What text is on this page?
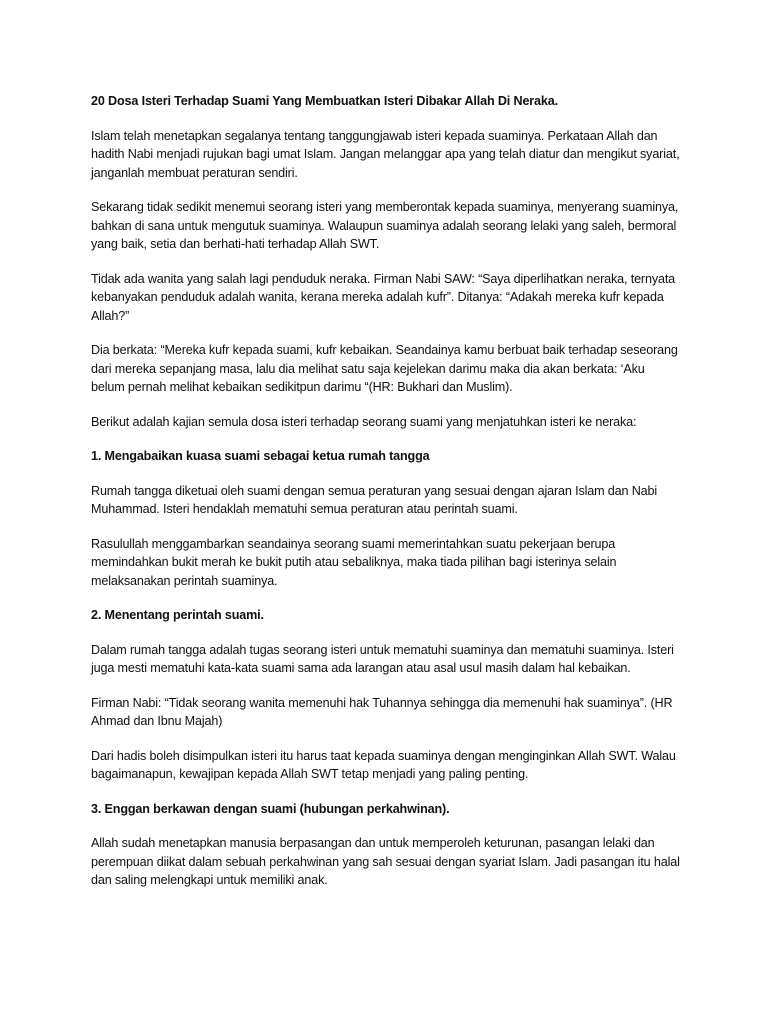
20 Dosa Isteri Terhadap Suami Yang Membuatkan Isteri Dibakar Allah Di Neraka.

Islam telah menetapkan segalanya tentang tanggungjawab isteri kepada suaminya. Perkataan Allah dan hadith Nabi menjadi rujukan bagi umat Islam. Jangan melanggar apa yang telah diatur dan mengikut syariat, janganlah membuat peraturan sendiri.

Sekarang tidak sedikit menemui seorang isteri yang memberontak kepada suaminya, menyerang suaminya, bahkan di sana untuk mengutuk suaminya. Walaupun suaminya adalah seorang lelaki yang saleh, bermoral yang baik, setia dan berhati-hati terhadap Allah SWT.

Tidak ada wanita yang salah lagi penduduk neraka. Firman Nabi SAW: “Saya diperlihatkan neraka, ternyata kebanyakan penduduk adalah wanita, kerana mereka adalah kufr”. Ditanya: “Adakah mereka kufr kepada Allah?”

Dia berkata: “Mereka kufr kepada suami, kufr kebaikan. Seandainya kamu berbuat baik terhadap seseorang dari mereka sepanjang masa, lalu dia melihat satu saja kejelekan darimu maka dia akan berkata: ‘Aku belum pernah melihat kebaikan sedikitpun darimu “(HR: Bukhari dan Muslim).

Berikut adalah kajian semula dosa isteri terhadap seorang suami yang menjatuhkan isteri ke neraka:

1. Mengabaikan kuasa suami sebagai ketua rumah tangga

Rumah tangga diketuai oleh suami dengan semua peraturan yang sesuai dengan ajaran Islam dan Nabi Muhammad. Isteri hendaklah mematuhi semua peraturan atau perintah suami.

Rasulullah menggambarkan seandainya seorang suami memerintahkan suatu pekerjaan berupa memindahkan bukit merah ke bukit putih atau sebaliknya, maka tiada pilihan bagi isterinya selain melaksanakan perintah suaminya.

2. Menentang perintah suami.

Dalam rumah tangga adalah tugas seorang isteri untuk mematuhi suaminya dan mematuhi suaminya. Isteri juga mesti mematuhi kata-kata suami sama ada larangan atau asal usul masih dalam hal kebaikan.

Firman Nabi: “Tidak seorang wanita memenuhi hak Tuhannya sehingga dia memenuhi hak suaminya”. (HR Ahmad dan Ibnu Majah)

Dari hadis boleh disimpulkan isteri itu harus taat kepada suaminya dengan menginginkan Allah SWT. Walau bagaimanapun, kewajipan kepada Allah SWT tetap menjadi yang paling penting.

3. Enggan berkawan dengan suami (hubungan perkahwinan).

Allah sudah menetapkan manusia berpasangan dan untuk memperoleh keturunan, pasangan lelaki dan perempuan diikat dalam sebuah perkahwinan yang sah sesuai dengan syariat Islam. Jadi pasangan itu halal dan saling melengkapi untuk memiliki anak.
